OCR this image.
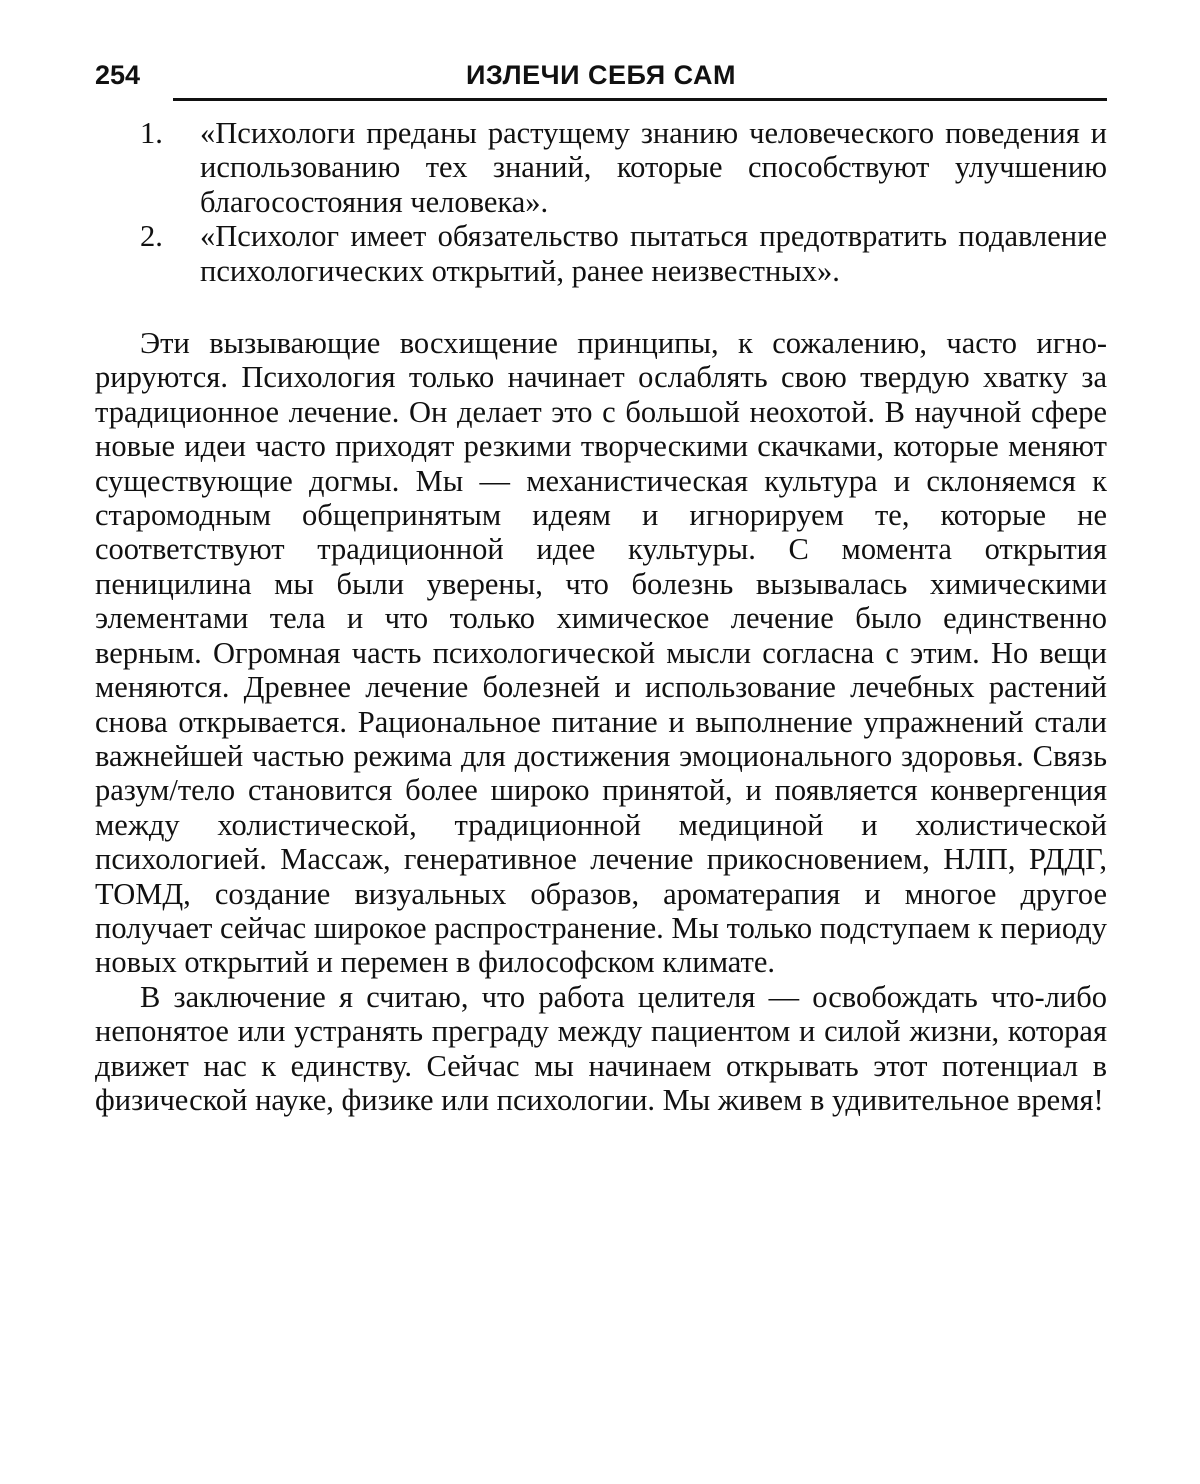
254	ИЗЛЕЧИ СЕБЯ САМ
1. «Психологи преданы растущему знанию человеческого поведения и использованию тех знаний, которые способствуют улучшению благосостояния человека».
2. «Психолог имеет обязательство пытаться предотвратить подавление психологических открытий, ранее неизвестных».

Эти вызывающие восхищение принципы, к сожалению, часто игнорируются. Психология только начинает ослаблять свою твердую хватку за традиционное лечение. Он делает это с большой неохотой. В научной сфере новые идеи часто приходят резкими творческими скачками, которые меняют существующие догмы. Мы — механистическая культура и склоняемся к старомодным общепринятым идеям и игнорируем те, которые не соответствуют традиционной идее культуры. С момента открытия пеницилина мы были уверены, что болезнь вызывалась химическими элементами тела и что только химическое лечение было единственно верным. Огромная часть психологической мысли согласна с этим. Но вещи меняются. Древнее лечение болезней и использование лечебных растений снова открывается. Рациональное питание и выполнение упражнений стали важнейшей частью режима для достижения эмоционального здоровья. Связь разум/тело становится более широко принятой, и появляется конвергенция между холистической, традиционной медициной и холистической психологией. Массаж, генеративное лечение прикосновением, НЛП, РДДГ, ТОМД, создание визуальных образов, ароматерапия и многое другое получает сейчас широкое распространение. Мы только подступаем к периоду новых открытий и перемен в философском климате.

В заключение я считаю, что работа целителя — освобождать что-либо непонятое или устранять преграду между пациентом и силой жизни, которая движет нас к единству. Сейчас мы начинаем открывать этот потенциал в физической науке, физике или психологии. Мы живем в удивительное время!
